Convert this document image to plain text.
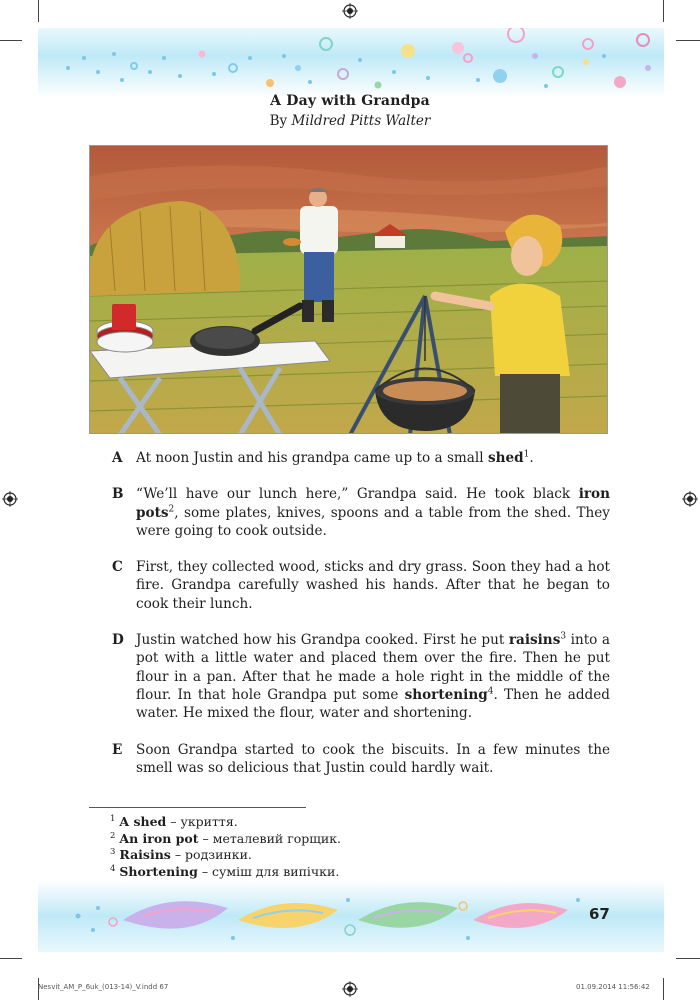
A Day with Grandpa
By Mildred Pitts Walter
A At noon Justin and his grandpa came up to a small shed$^1$.
B “We’ll have our lunch here,” Grandpa said. He took black iron pots$^2$, some plates, knives, spoons and a table from the shed. They were going to cook outside.
C First, they collected wood, sticks and dry grass. Soon they had a hot fire. Grandpa carefully washed his hands. After that he began to cook their lunch.
D Justin watched how his Grandpa cooked. First he put raisins$^3$ into a pot with a little water and placed them over the fire. Then he put flour in a pan. After that he made a hole right in the middle of the flour. In that hole Grandpa put some shortening$^4$. Then he added water. He mixed the flour, water and shortening.
E	Soon Grandpa started to cook the biscuits. In a few minutes the smell was so delicious that Justin could hardly wait.
$^1$ A shed – укриття.
$^2$ An iron pot – металевий горщик.
$^3$ Raisins – родзинки.
$^4$ Shortening – суміш для випічки.
67
Nesvit_AM_P_6uk_(013-14)_V.indd 67	01.09.2014 11:56:42
